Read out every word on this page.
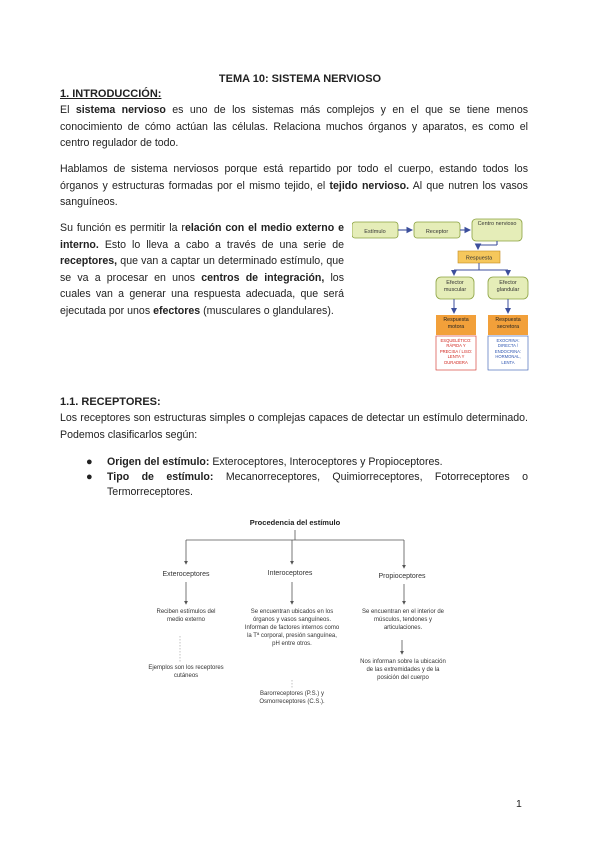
TEMA 10: SISTEMA NERVIOSO
1. INTRODUCCIÓN:

El sistema nervioso es uno de los sistemas más complejos y en el que se tiene menos conocimiento de cómo actúan las células. Relaciona muchos órganos y aparatos, es como el centro regulador de todo.

Hablamos de sistema nerviosos porque está repartido por todo el cuerpo, estando todos los órganos y estructuras formadas por el mismo tejido, el tejido nervioso. Al que nutren los vasos sanguíneos.

Su función es permitir la relación con el medio externo e interno. Esto lo lleva a cabo a través de una serie de receptores, que van a captar un determinado estímulo, que se va a procesar en unos centros de integración, los cuales van a generar una respuesta adecuada, que será ejecutada por unos efectores (musculares o glandulares).

Estímulo	Receptor
Centro nervioso
Respuesta
Efector muscular
Efector glandular
Respuesta motora
Respuesta secretora
ESQUELÉTICO: RÁPIDA Y PRECISA / LISO: LENTA Y DURADERA
EXOCRINA: DIRECTA / ENDOCRINA: HORMONAL, LENTA
1.1. RECEPTORES:

Los receptores son estructuras simples o complejas capaces de detectar un estímulo determinado. Podemos clasificarlos según:

● Origen del estímulo: Exteroceptores, Interoceptores y Propioceptores.
● Tipo de estímulo: Mecanorreceptores, Quimiorreceptores, Fotorreceptores o Termorreceptores.
Procedencia del estímulo
Exteroceptores	Interoceptores	Propioceptores
Reciben estímulos del medio externo
Se encuentran ubicados en los órganos y vasos sanguíneos. Informan de factores internos como la Tª corporal, presión sanguínea, pH entre otros.
Se encuentran en el interior de músculos, tendones y articulaciones.
Ejemplos son los receptores cutáneos
Barorreceptores (P.S.) y Osmorreceptores (C.S.).
Nos informan sobre la ubicación de las extremidades y de la posición del cuerpo
1
